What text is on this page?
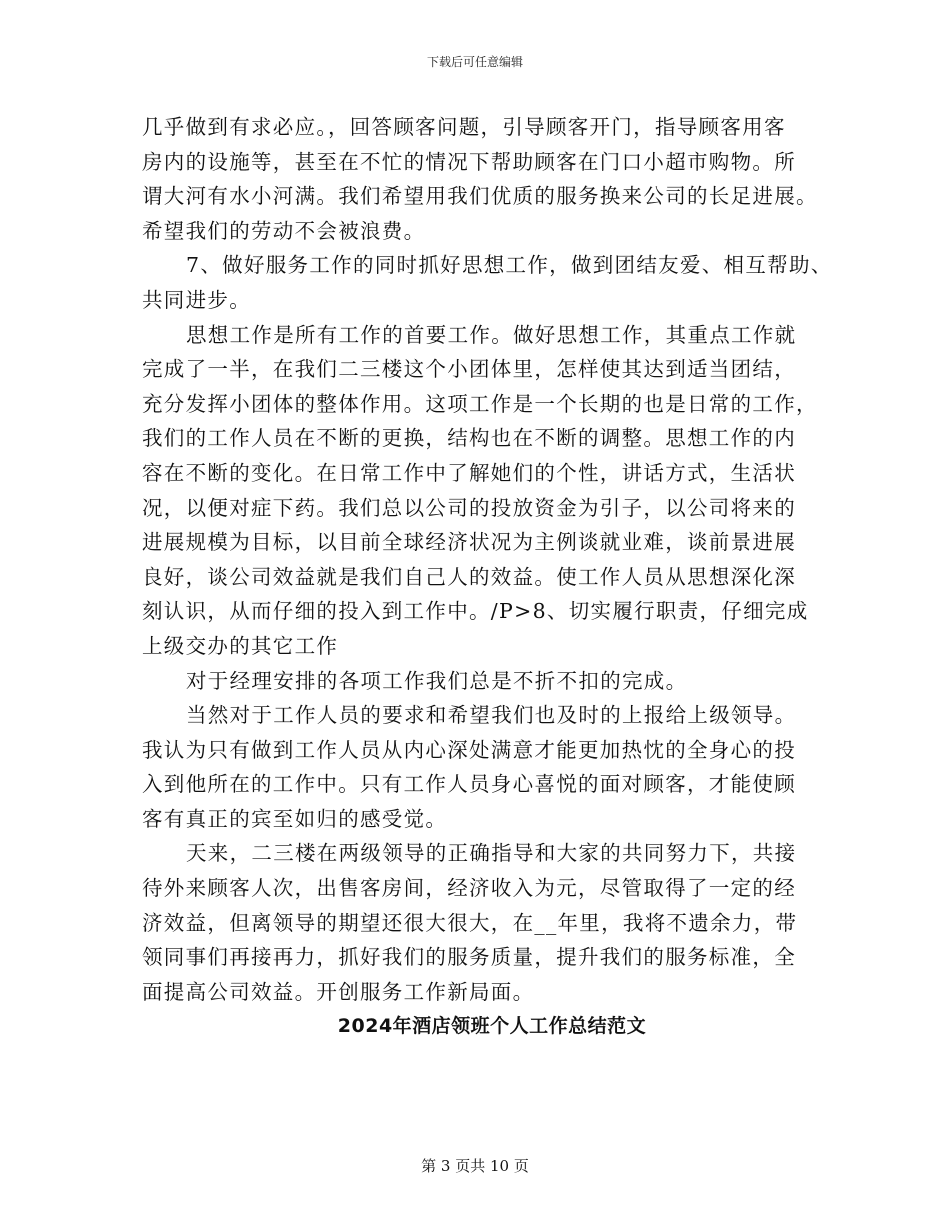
下载后可任意编辑
几乎做到有求必应。，回答顾客问题，引导顾客开门，指导顾客用客
房内的设施等，甚至在不忙的情况下帮助顾客在门口小超市购物。所
谓大河有水小河满。我们希望用我们优质的服务换来公司的长足进展。
希望我们的劳动不会被浪费。
7、做好服务工作的同时抓好思想工作，做到团结友爱、相互帮助、
共同进步。
思想工作是所有工作的首要工作。做好思想工作，其重点工作就
完成了一半，在我们二三楼这个小团体里，怎样使其达到适当团结，
充分发挥小团体的整体作用。这项工作是一个长期的也是日常的工作，
我们的工作人员在不断的更换，结构也在不断的调整。思想工作的内
容在不断的变化。在日常工作中了解她们的个性，讲话方式，生活状
况，以便对症下药。我们总以公司的投放资金为引子，以公司将来的
进展规模为目标，以目前全球经济状况为主例谈就业难，谈前景进展
良好，谈公司效益就是我们自己人的效益。使工作人员从思想深化深
刻认识，从而仔细的投入到工作中。/P>8、切实履行职责，仔细完成
上级交办的其它工作
对于经理安排的各项工作我们总是不折不扣的完成。
当然对于工作人员的要求和希望我们也及时的上报给上级领导。
我认为只有做到工作人员从内心深处满意才能更加热忱的全身心的投
入到他所在的工作中。只有工作人员身心喜悦的面对顾客，才能使顾
客有真正的宾至如归的感受觉。
天来，二三楼在两级领导的正确指导和大家的共同努力下，共接
待外来顾客人次，出售客房间，经济收入为元，尽管取得了一定的经
济效益，但离领导的期望还很大很大，在__年里，我将不遗余力，带
领同事们再接再力，抓好我们的服务质量，提升我们的服务标准，全
面提高公司效益。开创服务工作新局面。
2024年酒店领班个人工作总结范文
第 3 页共 10 页
